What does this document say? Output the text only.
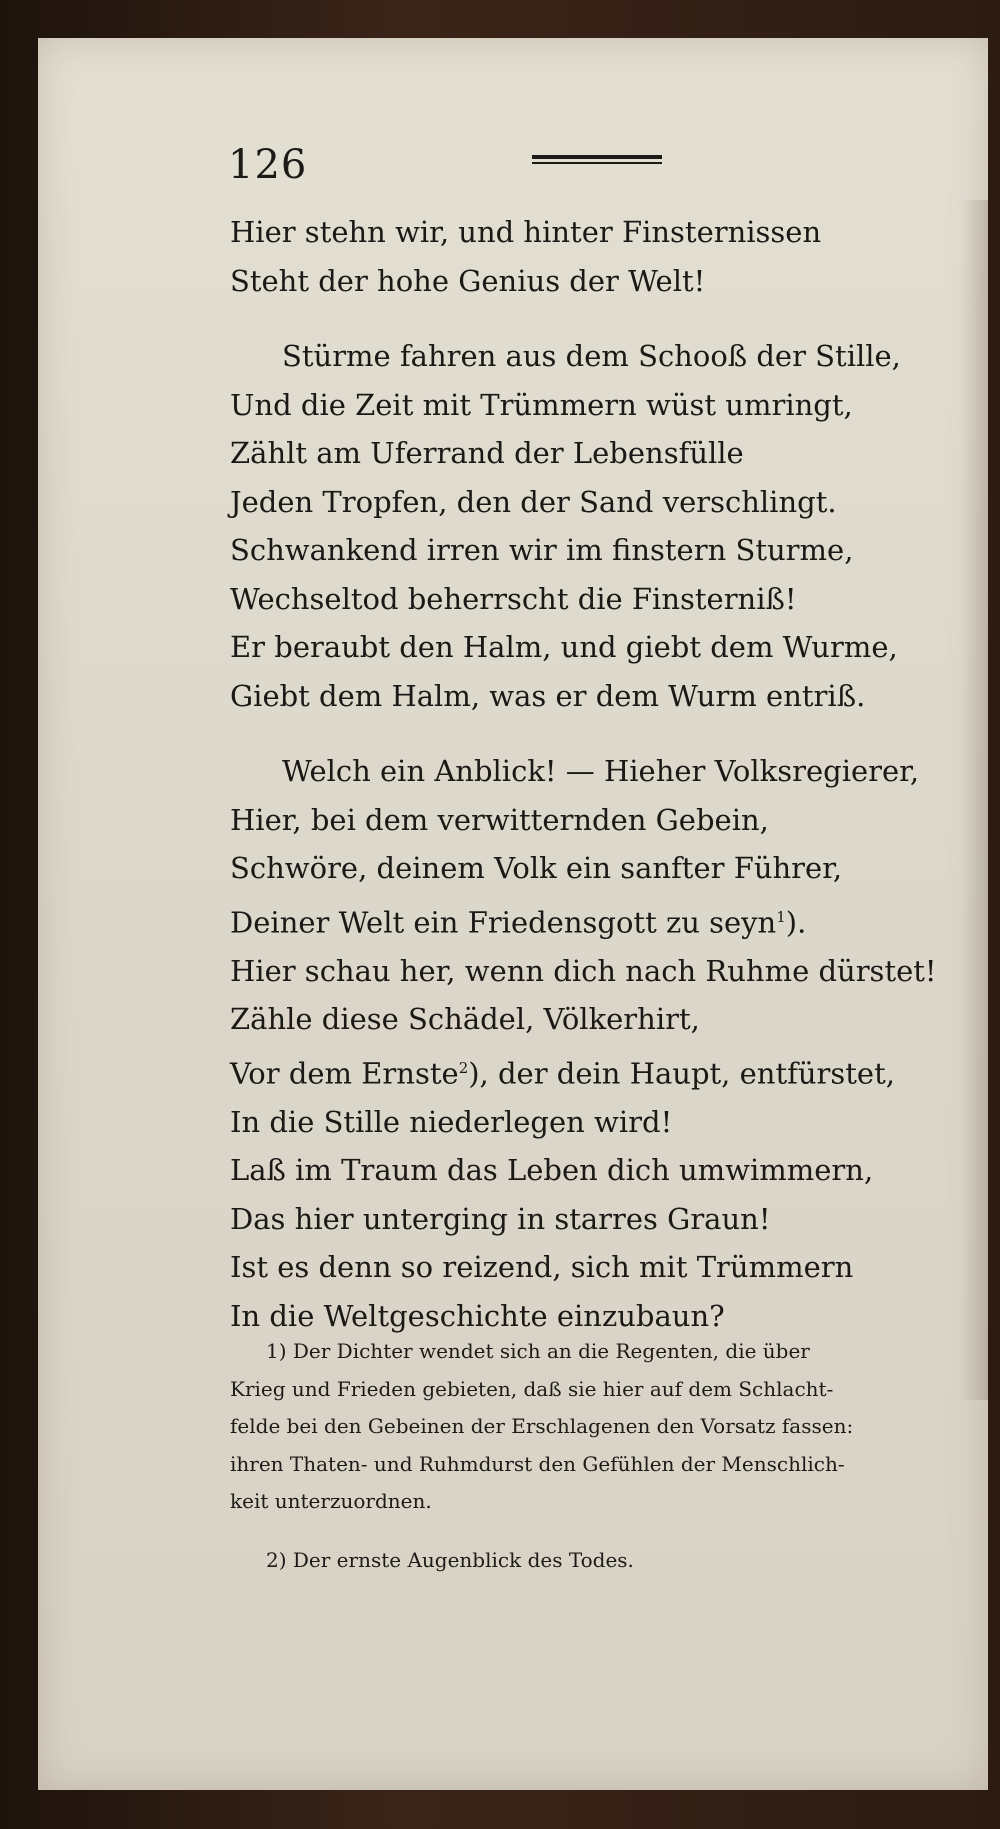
126
Hier stehn wir, und hinter Finsternissen
Steht der hohe Genius der Welt!
Stürme fahren aus dem Schooß der Stille,
Und die Zeit mit Trümmern wüst umringt,
Zählt am Uferrand der Lebensfülle
Jeden Tropfen, den der Sand verschlingt.
Schwankend irren wir im finstern Sturme,
Wechseltod beherrscht die Finsterniß!
Er beraubt den Halm, und giebt dem Wurme,
Giebt dem Halm, was er dem Wurm entriß.
Welch ein Anblick! — Hieher Volksregierer,
Hier, bei dem verwitternden Gebein,
Schwöre, deinem Volk ein sanfter Führer,
Deiner Welt ein Friedensgott zu seyn$^1$).
Hier schau her, wenn dich nach Ruhme dürstet!
Zähle diese Schädel, Völkerhirt,
Vor dem Ernste$^2$), der dein Haupt, entfürstet,
In die Stille niederlegen wird!
Laß im Traum das Leben dich umwimmern,
Das hier unterging in starres Graun!
Ist es denn so reizend, sich mit Trümmern
In die Weltgeschichte einzubaun?
1) Der Dichter wendet sich an die Regenten, die über
Krieg und Frieden gebieten, daß sie hier auf dem Schlacht-
felde bei den Gebeinen der Erschlagenen den Vorsatz fassen:
ihren Thaten- und Ruhmdurst den Gefühlen der Menschlich-
keit unterzuordnen.
2) Der ernste Augenblick des Todes.
